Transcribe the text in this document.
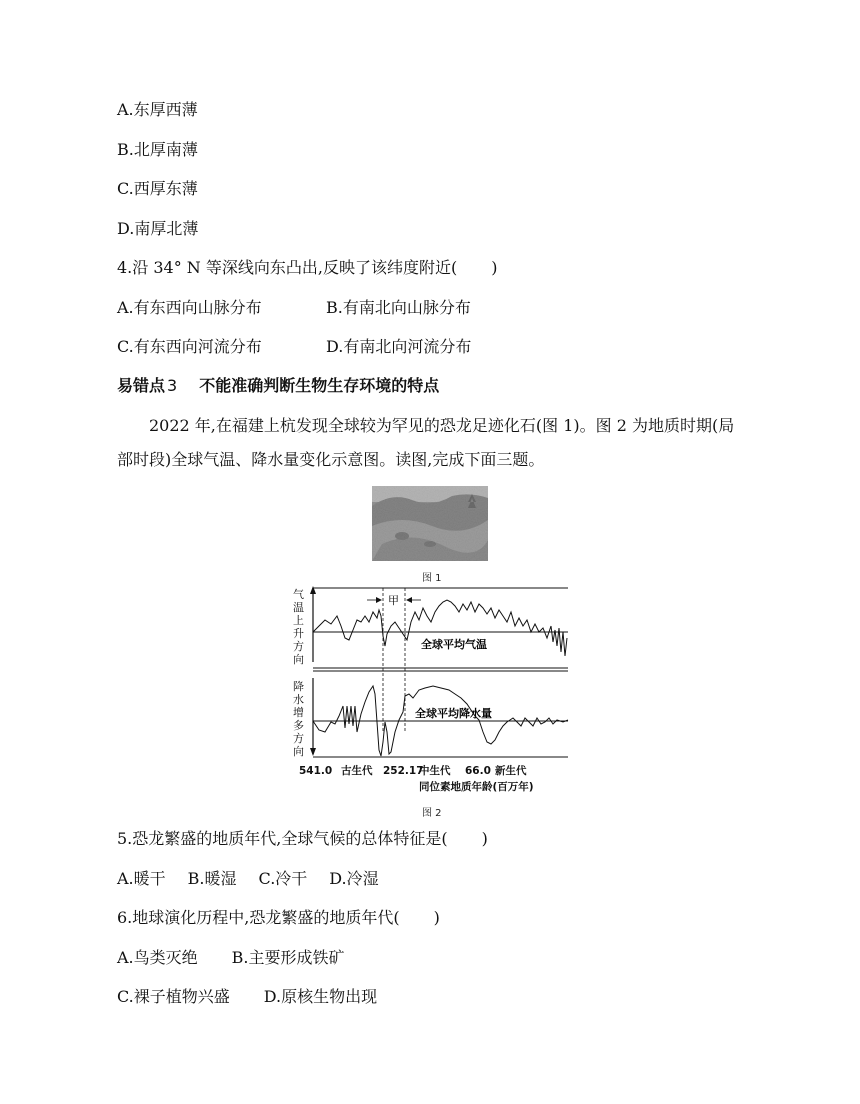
A.东厚西薄
B.北厚南薄
C.西厚东薄
D.南厚北薄
4.沿 34° N 等深线向东凸出,反映了该纬度附近( )
A.有东西向山脉分布	B.有南北向山脉分布
C.有东西向河流分布	D.有南北向河流分布
易错点 3 不能准确判断生物生存环境的特点
2022 年,在福建上杭发现全球较为罕见的恐龙足迹化石(图 1)。图 2 为地质时期(局部时段)全球气温、降水量变化示意图。读图,完成下面三题。
图 1
气
温
上
升
方
向
全球平均气温
甲
降
水
增
多
方
向
全球平均降水量
541.0 古生代 252.17
中生代 66.0 新生代
同位素地质年龄(百万年)
图 2
5.恐龙繁盛的地质年代,全球气候的总体特征是( )
A.暖干 B.暖湿 C.冷干 D.冷湿
6.地球演化历程中,恐龙繁盛的地质年代( )
A.鸟类灭绝 B.主要形成铁矿
C.裸子植物兴盛 D.原核生物出现
